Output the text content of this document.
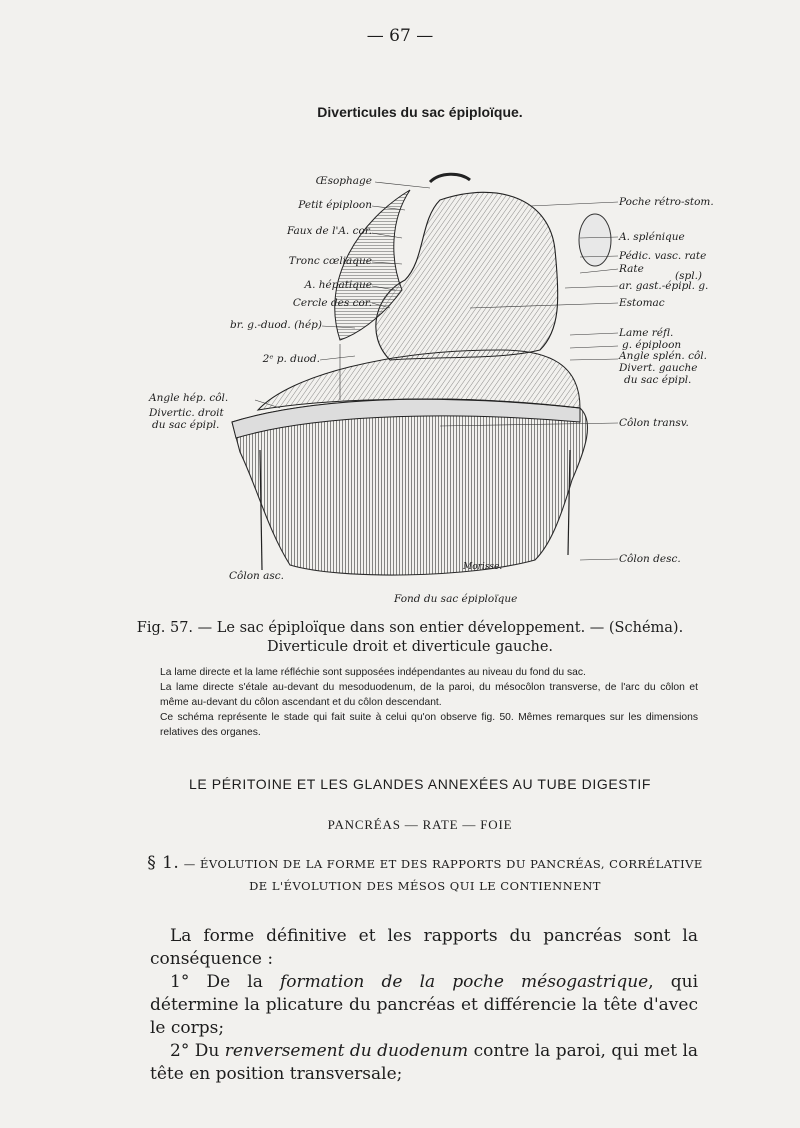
— 67 —
Diverticules du sac épiploïque.
Œsophage
Petit épiploon
Faux de l'A. cor.
Tronc cœliaque
A. hépatique
Cercle des cor.
br. g.-duod. (hép)
2ᵉ p. duod.
Angle hép. côl.
Divertic. droit
du sac épipl.
Poche rétro-stom.
A. splénique
Pédic. vasc. rate
Rate
(spl.)
ar. gast.-épipl. g.
Estomac
Lame réfl.
g. épiploon
Angle splén. côl.
Divert. gauche
du sac épipl.
Côlon transv.
Côlon desc.
Côlon asc.
Fond du sac épiploïque
Morisse.
Fig. 57. — Le sac épiploïque dans son entier développement. — (Schéma).
Diverticule droit et diverticule gauche.

La lame directe et la lame réfléchie sont supposées indépendantes au niveau du fond du sac.

La lame directe s'étale au-devant du mesoduodenum, de la paroi, du mésocôlon transverse, de l'arc du côlon et même au-devant du côlon ascendant et du côlon descendant.

Ce schéma représente le stade qui fait suite à celui qu'on observe fig. 50. Mêmes remarques sur les dimensions relatives des organes.

LE PÉRITOINE ET LES GLANDES ANNEXÉES AU TUBE DIGESTIF
PANCRÉAS — RATE — FOIE
§ 1. — ÉVOLUTION DE LA FORME ET DES RAPPORTS DU PANCRÉAS, CORRÉLATIVE
DE L'ÉVOLUTION DES MÉSOS QUI LE CONTIENNENT

La forme définitive et les rapports du pancréas sont la conséquence :

1° De la formation de la poche mésogastrique, qui détermine la plicature du pancréas et différencie la tête d'avec le corps;

2° Du renversement du duodenum contre la paroi, qui met la tête en position transversale;
